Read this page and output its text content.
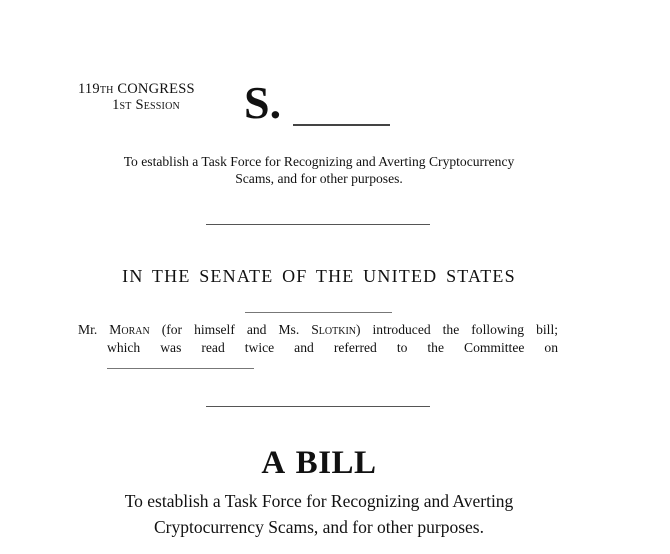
119th CONGRESS
1st Session	S.
To establish a Task Force for Recognizing and Averting Cryptocurrency
Scams, and for other purposes.
IN THE SENATE OF THE UNITED STATES
Mr. Moran (for himself and Ms. Slotkin) introduced the following bill;
which was read twice and referred to the Committee on
A BILL
To establish a Task Force for Recognizing and Averting
Cryptocurrency Scams, and for other purposes.
